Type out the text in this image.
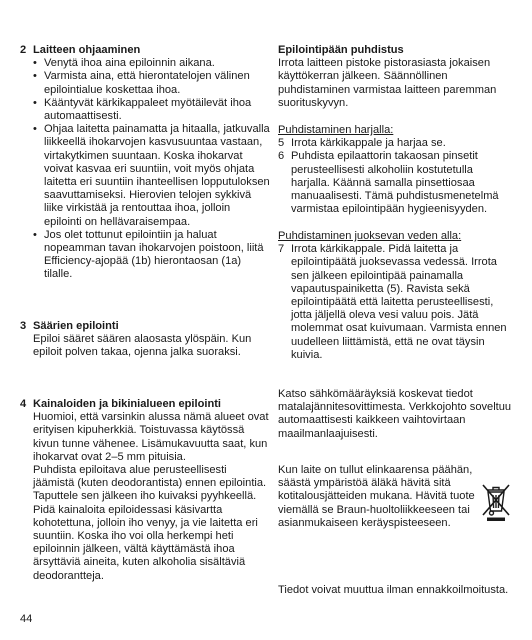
2 Laitteen ohjaaminen
• Venytä ihoa aina epiloinnin aikana.
• Varmista aina, että hierontatelojen välinen epilointialue koskettaa ihoa.
• Kääntyvät kärkikappaleet myötäilevät ihoa automaattisesti.
• Ohjaa laitetta painamatta ja hitaalla, jatkuvalla liikkeellä ihokarvojen kasvusuuntaa vastaan, virtakytkimen suuntaan. Koska ihokarvat voivat kasvaa eri suuntiin, voit myös ohjata laitetta eri suuntiin ihanteellisen lopputuloksen saavuttamiseksi. Hierovien telojen sykkivä liike virkistää ja rentouttaa ihoa, jolloin epilointi on hellävaraisempaa.
• Jos olet tottunut epilointiin ja haluat nopeamman tavan ihokarvojen poistoon, liitä Efficiency-ajopää (1b) hierontaosan (1a) tilalle.
3 Säärien epilointi
Epiloi sääret säären alaosasta ylöspäin. Kun epiloit polven takaa, ojenna jalka suoraksi.
4 Kainaloiden ja bikinialueen epilointi
Huomioi, että varsinkin alussa nämä alueet ovat erityisen kipuherkkiä. Toistuvassa käytössä kivun tunne vähenee. Lisämukavuutta saat, kun ihokarvat ovat 2–5 mm pituisia.
Puhdista epiloitava alue perusteellisesti jäämistä (kuten deodorantista) ennen epilointia. Taputtele sen jälkeen iho kuivaksi pyyhkeellä. Pidä kainaloita epiloidessasi käsivartta kohotettuna, jolloin iho venyy, ja vie laitetta eri suuntiin. Koska iho voi olla herkempi heti epiloinnin jälkeen, vältä käyttämästä ihoa ärsyttäviä aineita, kuten alkoholia sisältäviä deodorantteja.
Epilointipään puhdistus
Irrota laitteen pistoke pistorasiasta jokaisen käyttökerran jälkeen. Säännöllinen puhdistaminen varmistaa laitteen paremman suorituskyvyn.
Puhdistaminen harjalla:
5 Irrota kärkikappale ja harjaa se.
6 Puhdista epilaattorin takaosan pinsetit perusteellisesti alkoholiin kostutetulla harjalla. Käännä samalla pinsettiosaa manuaalisesti. Tämä puhdistusmenetelmä varmistaa epilointipään hygieenisyyden.
Puhdistaminen juoksevan veden alla:
7 Irrota kärkikappale. Pidä laitetta ja epilointipäätä juoksevassa vedessä. Irrota sen jälkeen epilointipää painamalla vapautuspainiketta (5). Ravista sekä epilointipäätä että laitetta perusteellisesti, jotta jäljellä oleva vesi valuu pois. Jätä molemmat osat kuivumaan. Varmista ennen uudelleen liittämistä, että ne ovat täysin kuivia.
Katso sähkömääräyksiä koskevat tiedot matalajännitesovittimesta. Verkkojohto soveltuu automaattisesti kaikkeen vaihtovirtaan maailmanlaajuisesti.
Kun laite on tullut elinkaarensa päähän, säästä ympäristöä äläkä hävitä sitä kotitalousjätteiden mukana. Hävitä tuote viemällä se Braun-huoltoliikkeeseen tai asianmukaiseen keräyspisteeseen.
Tiedot voivat muuttua ilman ennakkoilmoitusta.
44
